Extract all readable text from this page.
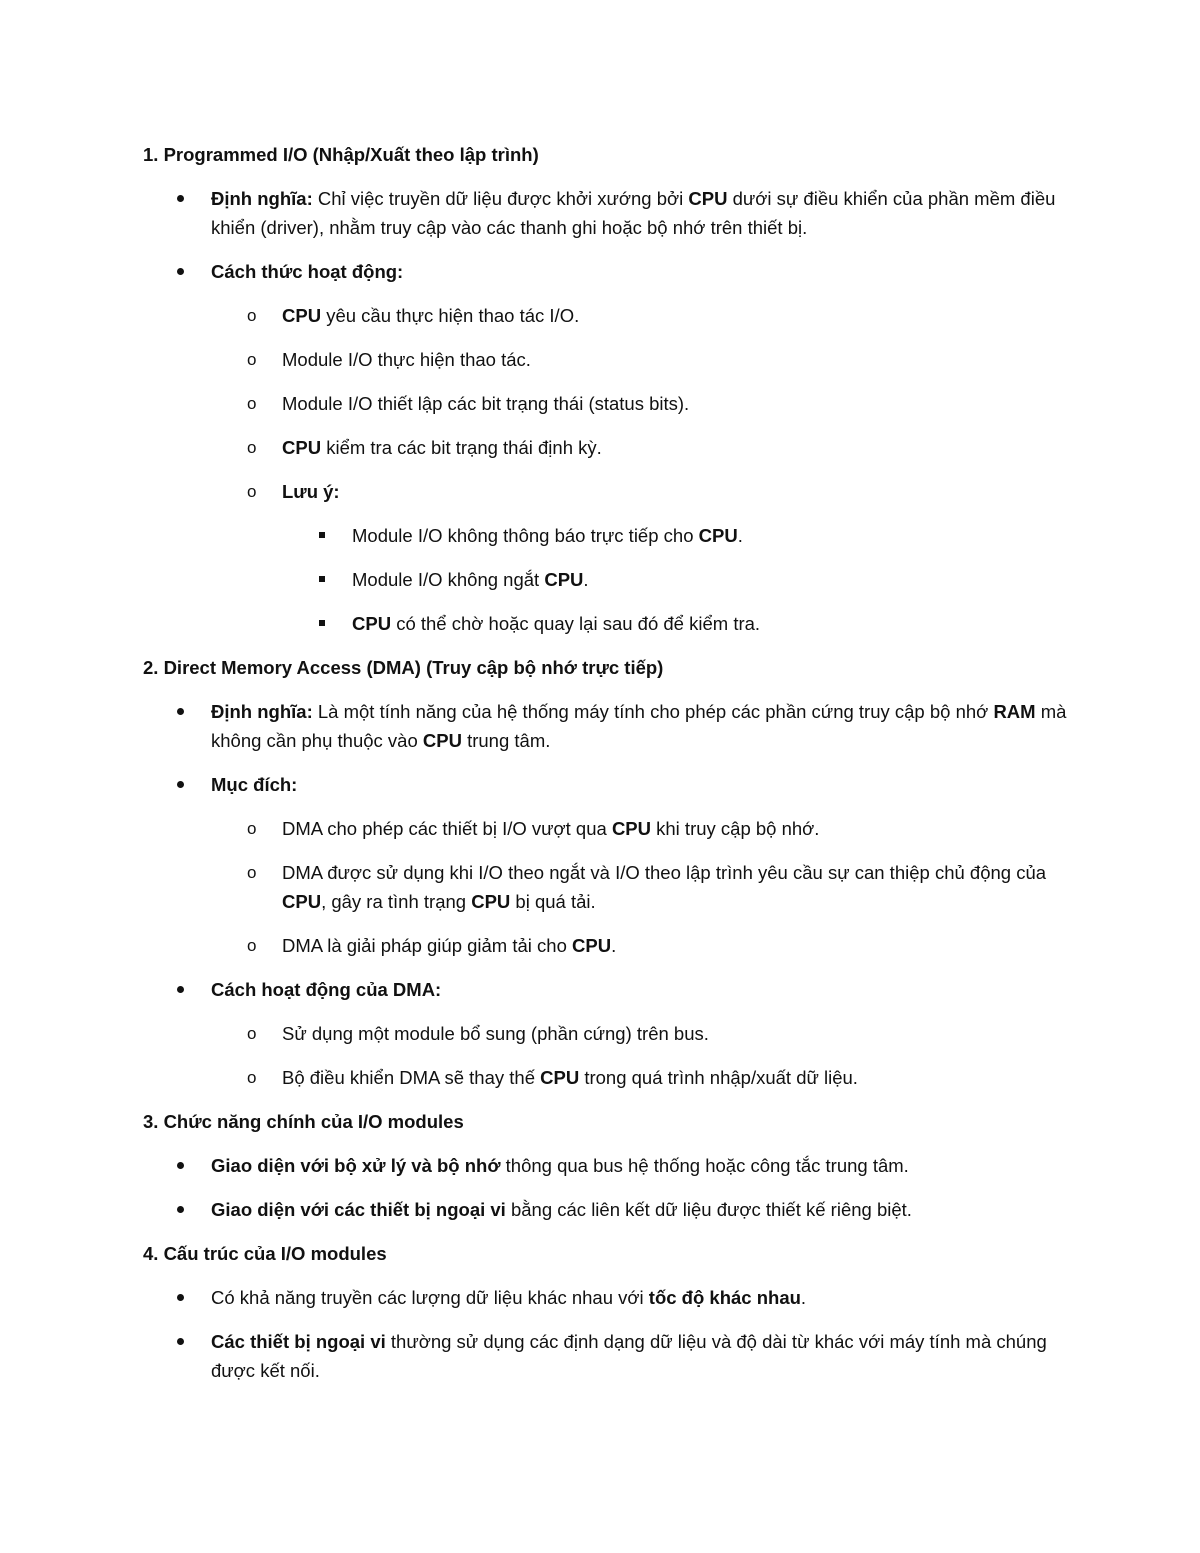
1. Programmed I/O (Nhập/Xuất theo lập trình)

Định nghĩa: Chỉ việc truyền dữ liệu được khởi xướng bởi CPU dưới sự điều khiển của phần mềm điều khiển (driver), nhằm truy cập vào các thanh ghi hoặc bộ nhớ trên thiết bị.

Cách thức hoạt động:

o CPU yêu cầu thực hiện thao tác I/O.

o Module I/O thực hiện thao tác.

o Module I/O thiết lập các bit trạng thái (status bits).

o CPU kiểm tra các bit trạng thái định kỳ.

o Lưu ý:

Module I/O không thông báo trực tiếp cho CPU.

Module I/O không ngắt CPU.

CPU có thể chờ hoặc quay lại sau đó để kiểm tra.

2. Direct Memory Access (DMA) (Truy cập bộ nhớ trực tiếp)

Định nghĩa: Là một tính năng của hệ thống máy tính cho phép các phần cứng truy cập bộ nhớ RAM mà không cần phụ thuộc vào CPU trung tâm.

Mục đích:

o DMA cho phép các thiết bị I/O vượt qua CPU khi truy cập bộ nhớ.

o DMA được sử dụng khi I/O theo ngắt và I/O theo lập trình yêu cầu sự can thiệp chủ động của CPU, gây ra tình trạng CPU bị quá tải.

o DMA là giải pháp giúp giảm tải cho CPU.

Cách hoạt động của DMA:

o Sử dụng một module bổ sung (phần cứng) trên bus.

o Bộ điều khiển DMA sẽ thay thế CPU trong quá trình nhập/xuất dữ liệu.

3. Chức năng chính của I/O modules

Giao diện với bộ xử lý và bộ nhớ thông qua bus hệ thống hoặc công tắc trung tâm.

Giao diện với các thiết bị ngoại vi bằng các liên kết dữ liệu được thiết kế riêng biệt.

4. Cấu trúc của I/O modules

Có khả năng truyền các lượng dữ liệu khác nhau với tốc độ khác nhau.

Các thiết bị ngoại vi thường sử dụng các định dạng dữ liệu và độ dài từ khác với máy tính mà chúng được kết nối.
